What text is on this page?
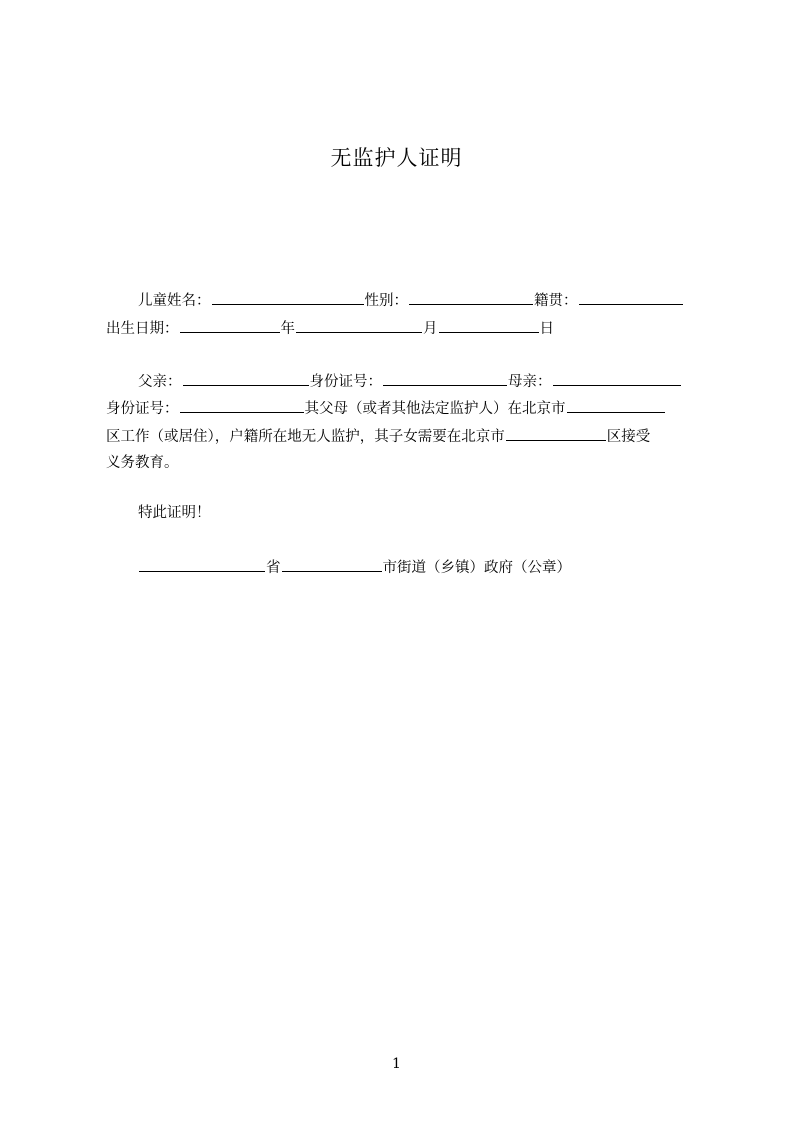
无监护人证明
儿童姓名：	性别：	籍贯：
出生日期：	年	月	日
父亲：	身份证号：	母亲：
身份证号：	其父母（或者其他法定监护人）在北京市
区工作（或居住），户籍所在地无人监护，其子女需要在北京市	区接受
义务教育。
特此证明！
省	市街道（乡镇）政府（公章）
1
